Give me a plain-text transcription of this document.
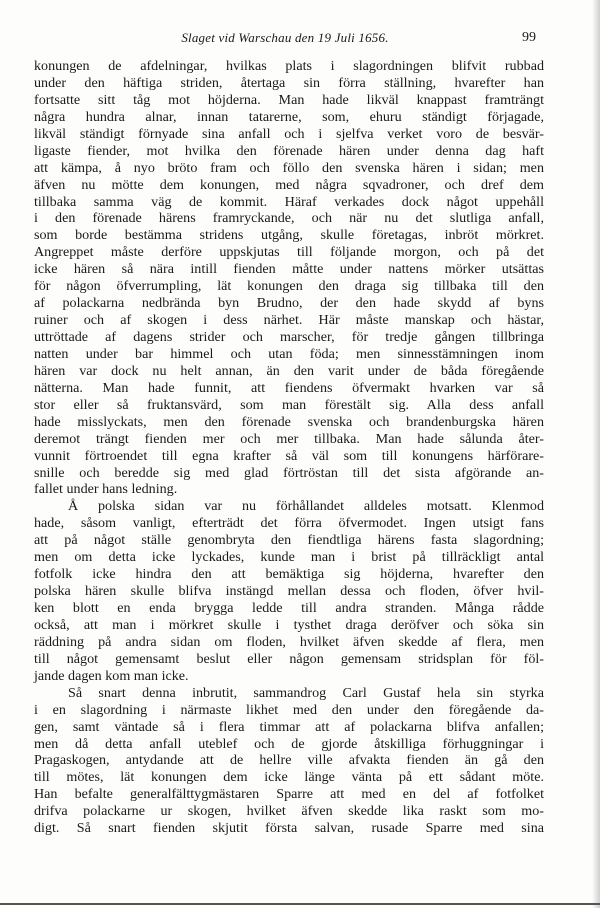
Slaget vid Warschau den 19 Juli 1656.	99
konungen de afdelningar, hvilkas plats i slagordningen blifvit rubbad
under den häftiga striden, återtaga sin förra ställning, hvarefter han
fortsatte sitt tåg mot höjderna. Man hade likväl knappast framträngt
några hundra alnar, innan tatarerne, som, ehuru ständigt förjagade,
likväl ständigt förnyade sina anfall och i sjelfva verket voro de besvär-
ligaste fiender, mot hvilka den förenade hären under denna dag haft
att kämpa, å nyo bröto fram och föllo den svenska hären i sidan; men
äfven nu mötte dem konungen, med några sqvadroner, och dref dem
tillbaka samma väg de kommit. Häraf verkades dock något uppehåll
i den förenade härens framryckande, och när nu det slutliga anfall,
som borde bestämma stridens utgång, skulle företagas, inbröt mörkret.
Angreppet måste derföre uppskjutas till följande morgon, och på det
icke hären så nära intill fienden måtte under nattens mörker utsättas
för någon öfverrumpling, lät konungen den draga sig tillbaka till den
af polackarna nedbrända byn Brudno, der den hade skydd af byns
ruiner och af skogen i dess närhet. Här måste manskap och hästar,
uttröttade af dagens strider och marscher, för tredje gången tillbringa
natten under bar himmel och utan föda; men sinnesstämningen inom
hären var dock nu helt annan, än den varit under de båda föregående
nätterna. Man hade funnit, att fiendens öfvermakt hvarken var så
stor eller så fruktansvärd, som man förestält sig. Alla dess anfall
hade misslyckats, men den förenade svenska och brandenburgska hären
deremot trängt fienden mer och mer tillbaka. Man hade sålunda åter-
vunnit förtroendet till egna krafter så väl som till konungens härförare-
snille och beredde sig med glad förtröstan till det sista afgörande an-
fallet under hans ledning.
Å polska sidan var nu förhållandet alldeles motsatt. Klenmod
hade, såsom vanligt, efterträdt det förra öfvermodet. Ingen utsigt fans
att på något ställe genombryta den fiendtliga härens fasta slagordning;
men om detta icke lyckades, kunde man i brist på tillräckligt antal
fotfolk icke hindra den att bemäktiga sig höjderna, hvarefter den
polska hären skulle blifva instängd mellan dessa och floden, öfver hvil-
ken blott en enda brygga ledde till andra stranden. Många rådde
också, att man i mörkret skulle i tysthet draga deröfver och söka sin
räddning på andra sidan om floden, hvilket äfven skedde af flera, men
till något gemensamt beslut eller någon gemensam stridsplan för föl-
jande dagen kom man icke.
Så snart denna inbrutit, sammandrog Carl Gustaf hela sin styrka
i en slagordning i närmaste likhet med den under den föregående da-
gen, samt väntade så i flera timmar att af polackarna blifva anfallen;
men då detta anfall uteblef och de gjorde åtskilliga förhuggningar i
Pragaskogen, antydande att de hellre ville afvakta fienden än gå den
till mötes, lät konungen dem icke länge vänta på ett sådant möte.
Han befalte generalfälttygmästaren Sparre att med en del af fotfolket
drifva polackarne ur skogen, hvilket äfven skedde lika raskt som mo-
digt. Så snart fienden skjutit första salvan, rusade Sparre med sina
